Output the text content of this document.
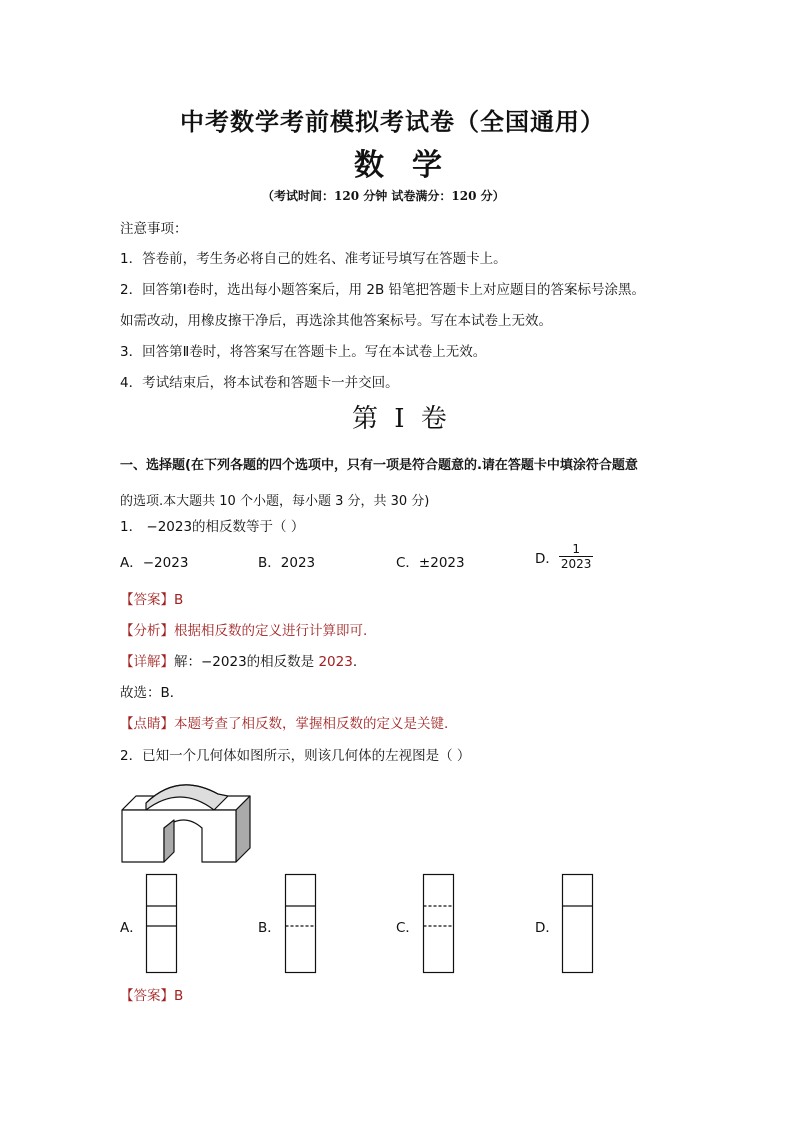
中考数学考前模拟考试卷（全国通用）
数学
（考试时间：120 分钟 试卷满分：120 分）
注意事项：
1．答卷前，考生务必将自己的姓名、准考证号填写在答题卡上。
2．回答第Ⅰ卷时，选出每小题答案后，用 2B 铅笔把答题卡上对应题目的答案标号涂黑。
如需改动，用橡皮擦干净后，再选涂其他答案标号。写在本试卷上无效。
3．回答第Ⅱ卷时，将答案写在答题卡上。写在本试卷上无效。
4．考试结束后，将本试卷和答题卡一并交回。
第 I 卷
一、选择题(在下列各题的四个选项中，只有一项是符合题意的.请在答题卡中填涂符合题意
的选项.本大题共 10 个小题，每小题 3 分，共 30 分)
1． −2023的相反数等于（ ）
A．−2023	B．2023	C．±2023	D． $\frac{1}{2023}$
【答案】B
【分析】根据相反数的定义进行计算即可.
【详解】解：−2023的相反数是 2023.
故选：B．
【点睛】本题考查了相反数，掌握相反数的定义是关键.
2．已知一个几何体如图所示，则该几何体的左视图是（ ）
A．	B．	C．	D．
【答案】B
